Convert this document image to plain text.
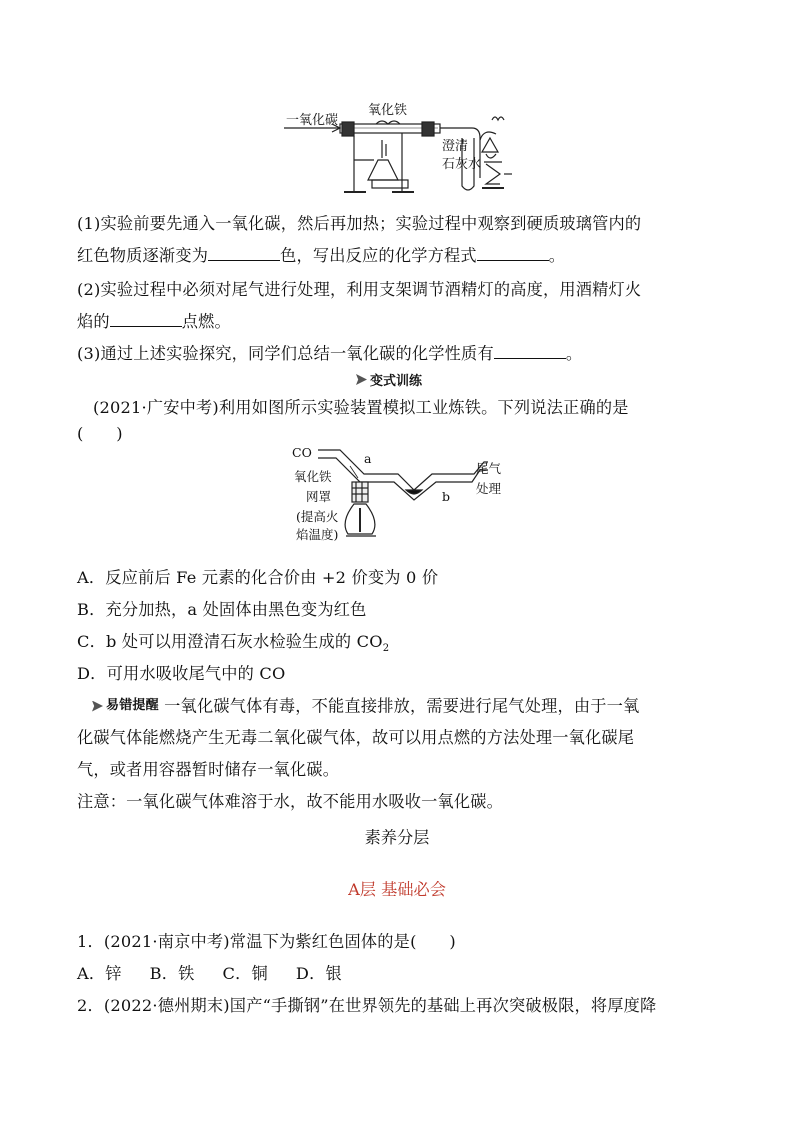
一氧化碳
氧化铁
澄清
石灰水
(1)实验前要先通入一氧化碳，然后再加热；实验过程中观察到硬质玻璃管内的
红色物质逐渐变为	色，写出反应的化学方程式	。
(2)实验过程中必须对尾气进行处理，利用支架调节酒精灯的高度，用酒精灯火
焰的	点燃。
(3)通过上述实验探究，同学们总结一氧化碳的化学性质有	。
变式训练
(2021·广安中考)利用如图所示实验装置模拟工业炼铁。下列说法正确的是
(　　)
CO	a
b
氧化铁
网罩
(提高火
焰温度)
尾气
处理
A．反应前后 Fe 元素的化合价由 +2 价变为 0 价
B．充分加热，a 处固体由黑色变为红色
C．b 处可以用澄清石灰水检验生成的 $CO_2$
D．可用水吸收尾气中的 CO
易错提醒 一氧化碳气体有毒，不能直接排放，需要进行尾气处理，由于一氧
化碳气体能燃烧产生无毒二氧化碳气体，故可以用点燃的方法处理一氧化碳尾
气，或者用容器暂时储存一氧化碳。
注意：一氧化碳气体难溶于水，故不能用水吸收一氧化碳。
素养分层
A层 基础必会
1．(2021·南京中考)常温下为紫红色固体的是(　　)
A．锌 B．铁 C．铜 D．银
2．(2022·德州期末)国产“手撕钢”在世界领先的基础上再次突破极限，将厚度降
